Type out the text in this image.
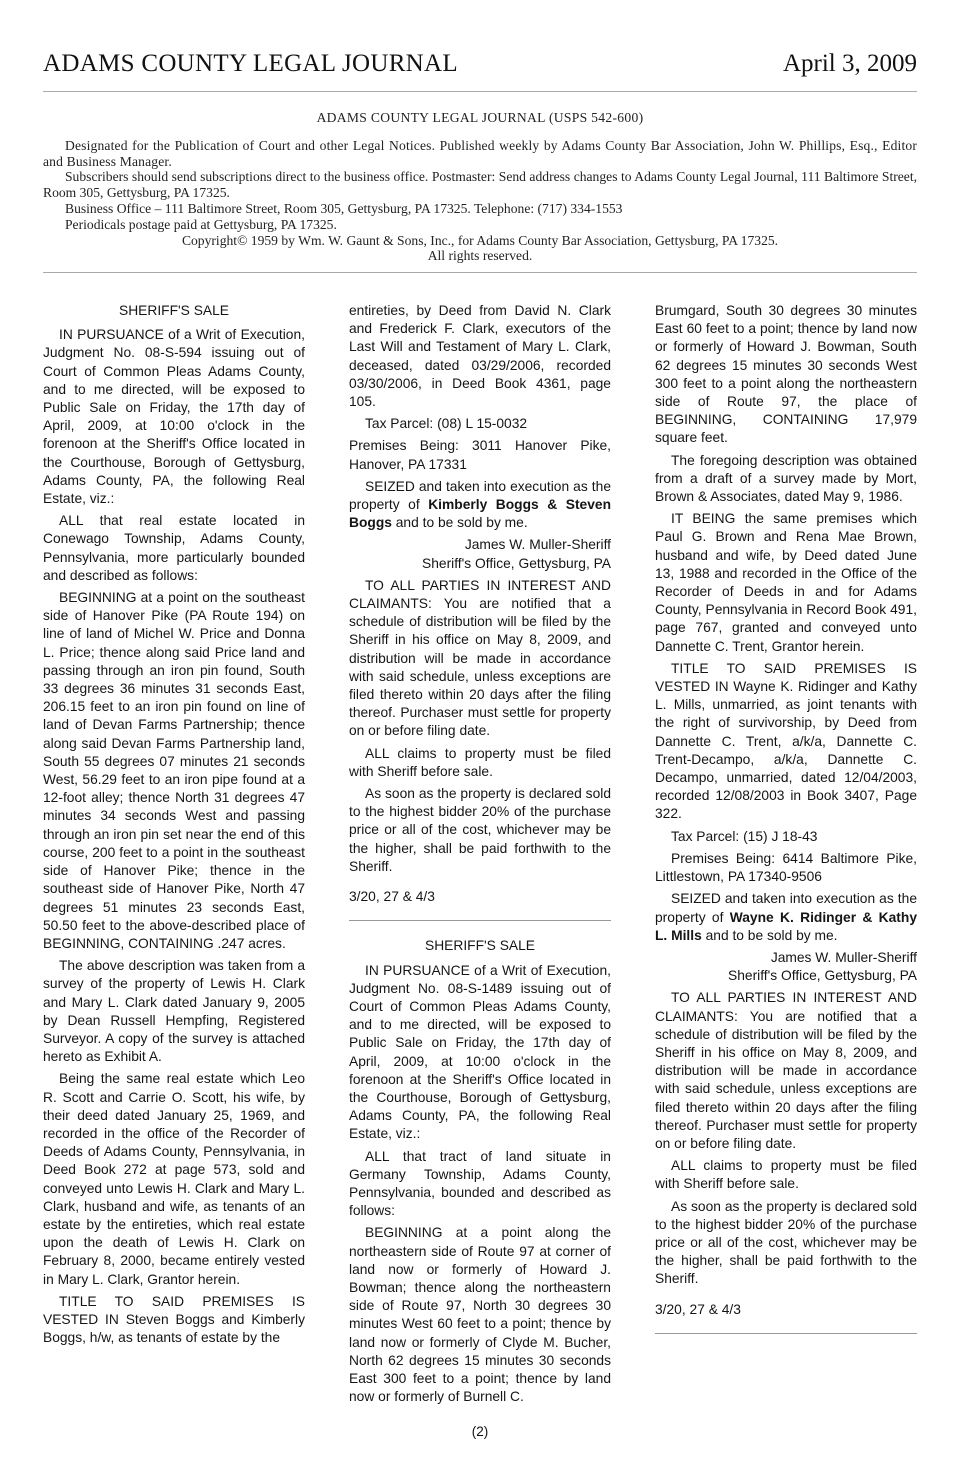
ADAMS COUNTY LEGAL JOURNAL	April 3, 2009

ADAMS COUNTY LEGAL JOURNAL (USPS 542-600)

Designated for the Publication of Court and other Legal Notices. Published weekly by Adams County Bar Association, John W. Phillips, Esq., Editor and Business Manager.

Subscribers should send subscriptions direct to the business office. Postmaster: Send address changes to Adams County Legal Journal, 111 Baltimore Street, Room 305, Gettysburg, PA 17325.

Business Office – 111 Baltimore Street, Room 305, Gettysburg, PA 17325. Telephone: (717) 334-1553

Periodicals postage paid at Gettysburg, PA 17325.

Copyright© 1959 by Wm. W. Gaunt & Sons, Inc., for Adams County Bar Association, Gettysburg, PA 17325.

All rights reserved.

SHERIFF'S SALE

IN PURSUANCE of a Writ of Execution, Judgment No. 08-S-594 issuing out of Court of Common Pleas Adams County, and to me directed, will be exposed to Public Sale on Friday, the 17th day of April, 2009, at 10:00 o'clock in the forenoon at the Sheriff's Office located in the Courthouse, Borough of Gettysburg, Adams County, PA, the following Real Estate, viz.:

ALL that real estate located in Conewago Township, Adams County, Pennsylvania, more particularly bounded and described as follows:

BEGINNING at a point on the southeast side of Hanover Pike (PA Route 194) on line of land of Michel W. Price and Donna L. Price; thence along said Price land and passing through an iron pin found, South 33 degrees 36 minutes 31 seconds East, 206.15 feet to an iron pin found on line of land of Devan Farms Partnership; thence along said Devan Farms Partnership land, South 55 degrees 07 minutes 21 seconds West, 56.29 feet to an iron pipe found at a 12-foot alley; thence North 31 degrees 47 minutes 34 seconds West and passing through an iron pin set near the end of this course, 200 feet to a point in the southeast side of Hanover Pike; thence in the southeast side of Hanover Pike, North 47 degrees 51 minutes 23 seconds East, 50.50 feet to the above-described place of BEGINNING, CONTAINING .247 acres.

The above description was taken from a survey of the property of Lewis H. Clark and Mary L. Clark dated January 9, 2005 by Dean Russell Hempfing, Registered Surveyor. A copy of the survey is attached hereto as Exhibit A.

Being the same real estate which Leo R. Scott and Carrie O. Scott, his wife, by their deed dated January 25, 1969, and recorded in the office of the Recorder of Deeds of Adams County, Pennsylvania, in Deed Book 272 at page 573, sold and conveyed unto Lewis H. Clark and Mary L. Clark, husband and wife, as tenants of an estate by the entireties, which real estate upon the death of Lewis H. Clark on February 8, 2000, became entirely vested in Mary L. Clark, Grantor herein.

TITLE TO SAID PREMISES IS VESTED IN Steven Boggs and Kimberly Boggs, h/w, as tenants of estate by the

entireties, by Deed from David N. Clark and Frederick F. Clark, executors of the Last Will and Testament of Mary L. Clark, deceased, dated 03/29/2006, recorded 03/30/2006, in Deed Book 4361, page 105.

Tax Parcel: (08) L 15-0032

Premises Being: 3011 Hanover Pike, Hanover, PA 17331

SEIZED and taken into execution as the property of Kimberly Boggs & Steven Boggs and to be sold by me.

James W. Muller-Sheriff

Sheriff's Office, Gettysburg, PA

TO ALL PARTIES IN INTEREST AND CLAIMANTS: You are notified that a schedule of distribution will be filed by the Sheriff in his office on May 8, 2009, and distribution will be made in accordance with said schedule, unless exceptions are filed thereto within 20 days after the filing thereof. Purchaser must settle for property on or before filing date.

ALL claims to property must be filed with Sheriff before sale.

As soon as the property is declared sold to the highest bidder 20% of the purchase price or all of the cost, whichever may be the higher, shall be paid forthwith to the Sheriff.

3/20, 27 & 4/3

SHERIFF'S SALE

IN PURSUANCE of a Writ of Execution, Judgment No. 08-S-1489 issuing out of Court of Common Pleas Adams County, and to me directed, will be exposed to Public Sale on Friday, the 17th day of April, 2009, at 10:00 o'clock in the forenoon at the Sheriff's Office located in the Courthouse, Borough of Gettysburg, Adams County, PA, the following Real Estate, viz.:

ALL that tract of land situate in Germany Township, Adams County, Pennsylvania, bounded and described as follows:

BEGINNING at a point along the northeastern side of Route 97 at corner of land now or formerly of Howard J. Bowman; thence along the northeastern side of Route 97, North 30 degrees 30 minutes West 60 feet to a point; thence by land now or formerly of Clyde M. Bucher, North 62 degrees 15 minutes 30 seconds East 300 feet to a point; thence by land now or formerly of Burnell C.

Brumgard, South 30 degrees 30 minutes East 60 feet to a point; thence by land now or formerly of Howard J. Bowman, South 62 degrees 15 minutes 30 seconds West 300 feet to a point along the northeastern side of Route 97, the place of BEGINNING, CONTAINING 17,979 square feet.

The foregoing description was obtained from a draft of a survey made by Mort, Brown & Associates, dated May 9, 1986.

IT BEING the same premises which Paul G. Brown and Rena Mae Brown, husband and wife, by Deed dated June 13, 1988 and recorded in the Office of the Recorder of Deeds in and for Adams County, Pennsylvania in Record Book 491, page 767, granted and conveyed unto Dannette C. Trent, Grantor herein.

TITLE TO SAID PREMISES IS VESTED IN Wayne K. Ridinger and Kathy L. Mills, unmarried, as joint tenants with the right of survivorship, by Deed from Dannette C. Trent, a/k/a, Dannette C. Trent-Decampo, a/k/a, Dannette C. Decampo, unmarried, dated 12/04/2003, recorded 12/08/2003 in Book 3407, Page 322.

Tax Parcel: (15) J 18-43

Premises Being: 6414 Baltimore Pike, Littlestown, PA 17340-9506

SEIZED and taken into execution as the property of Wayne K. Ridinger & Kathy L. Mills and to be sold by me.

James W. Muller-Sheriff

Sheriff's Office, Gettysburg, PA

TO ALL PARTIES IN INTEREST AND CLAIMANTS: You are notified that a schedule of distribution will be filed by the Sheriff in his office on May 8, 2009, and distribution will be made in accordance with said schedule, unless exceptions are filed thereto within 20 days after the filing thereof. Purchaser must settle for property on or before filing date.

ALL claims to property must be filed with Sheriff before sale.

As soon as the property is declared sold to the highest bidder 20% of the purchase price or all of the cost, whichever may be the higher, shall be paid forthwith to the Sheriff.

3/20, 27 & 4/3

(2)
